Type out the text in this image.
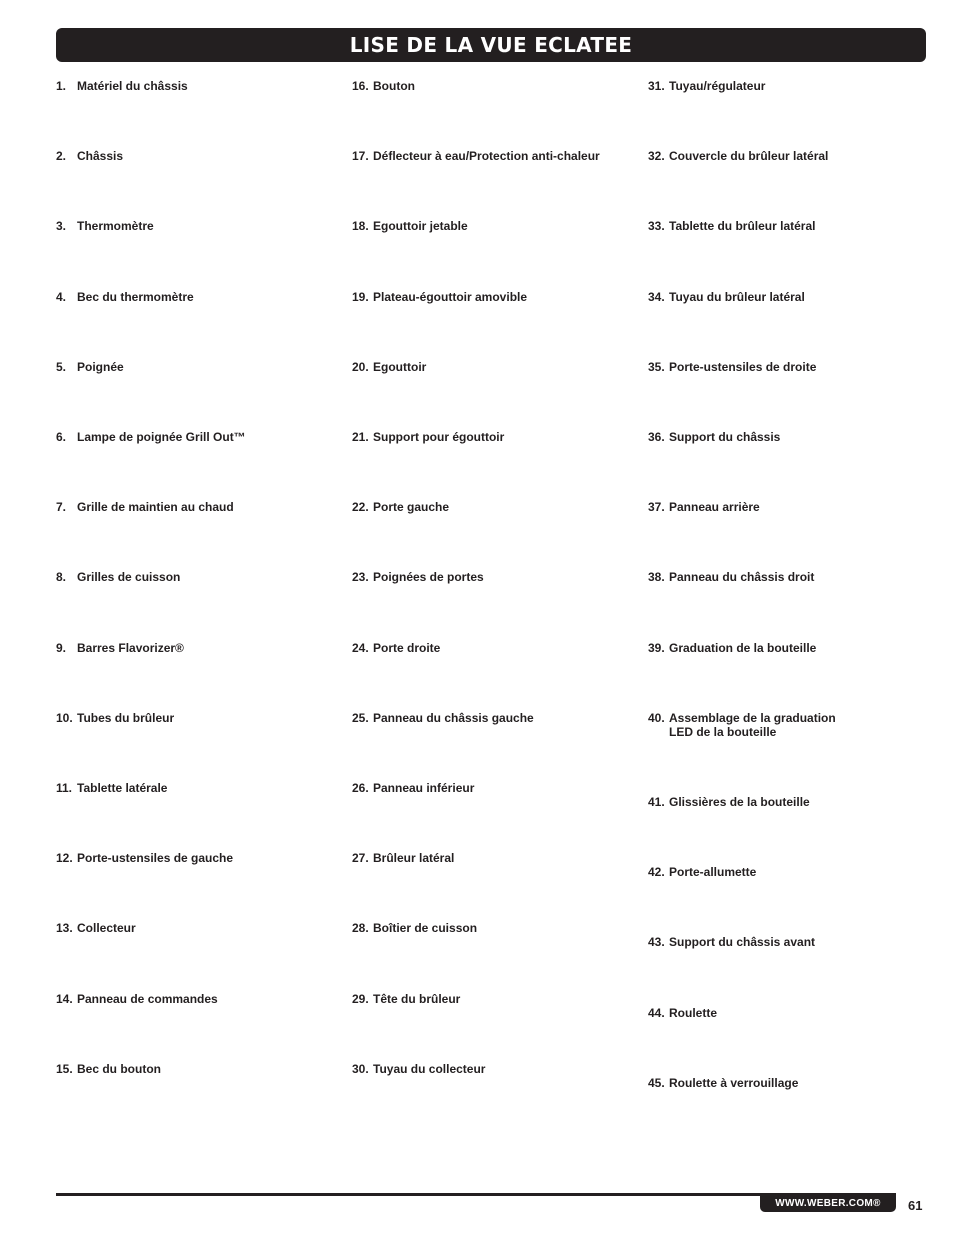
LISE DE LA VUE ECLATEE
1. Matériel du châssis
2. Châssis
3. Thermomètre
4. Bec du thermomètre
5. Poignée
6. Lampe de poignée Grill Out™
7. Grille de maintien au chaud
8. Grilles de cuisson
9. Barres Flavorizer®
10. Tubes du brûleur
11. Tablette latérale
12. Porte-ustensiles de gauche
13. Collecteur
14. Panneau de commandes
15. Bec du bouton
16. Bouton
17. Déflecteur à eau/Protection anti-chaleur
18. Egouttoir jetable
19. Plateau-égouttoir amovible
20. Egouttoir
21. Support pour égouttoir
22. Porte gauche
23. Poignées de portes
24. Porte droite
25. Panneau du châssis gauche
26. Panneau inférieur
27. Brûleur latéral
28. Boîtier de cuisson
29. Tête du brûleur
30. Tuyau du collecteur
31. Tuyau/régulateur
32. Couvercle du brûleur latéral
33. Tablette du brûleur latéral
34. Tuyau du brûleur latéral
35. Porte-ustensiles de droite
36. Support du châssis
37. Panneau arrière
38. Panneau du châssis droit
39. Graduation de la bouteille
40. Assemblage de la graduation
LED de la bouteille
41. Glissières de la bouteille
42. Porte-allumette
43. Support du châssis avant
44. Roulette
45. Roulette à verrouillage
WWW.WEBER.COM® 61
